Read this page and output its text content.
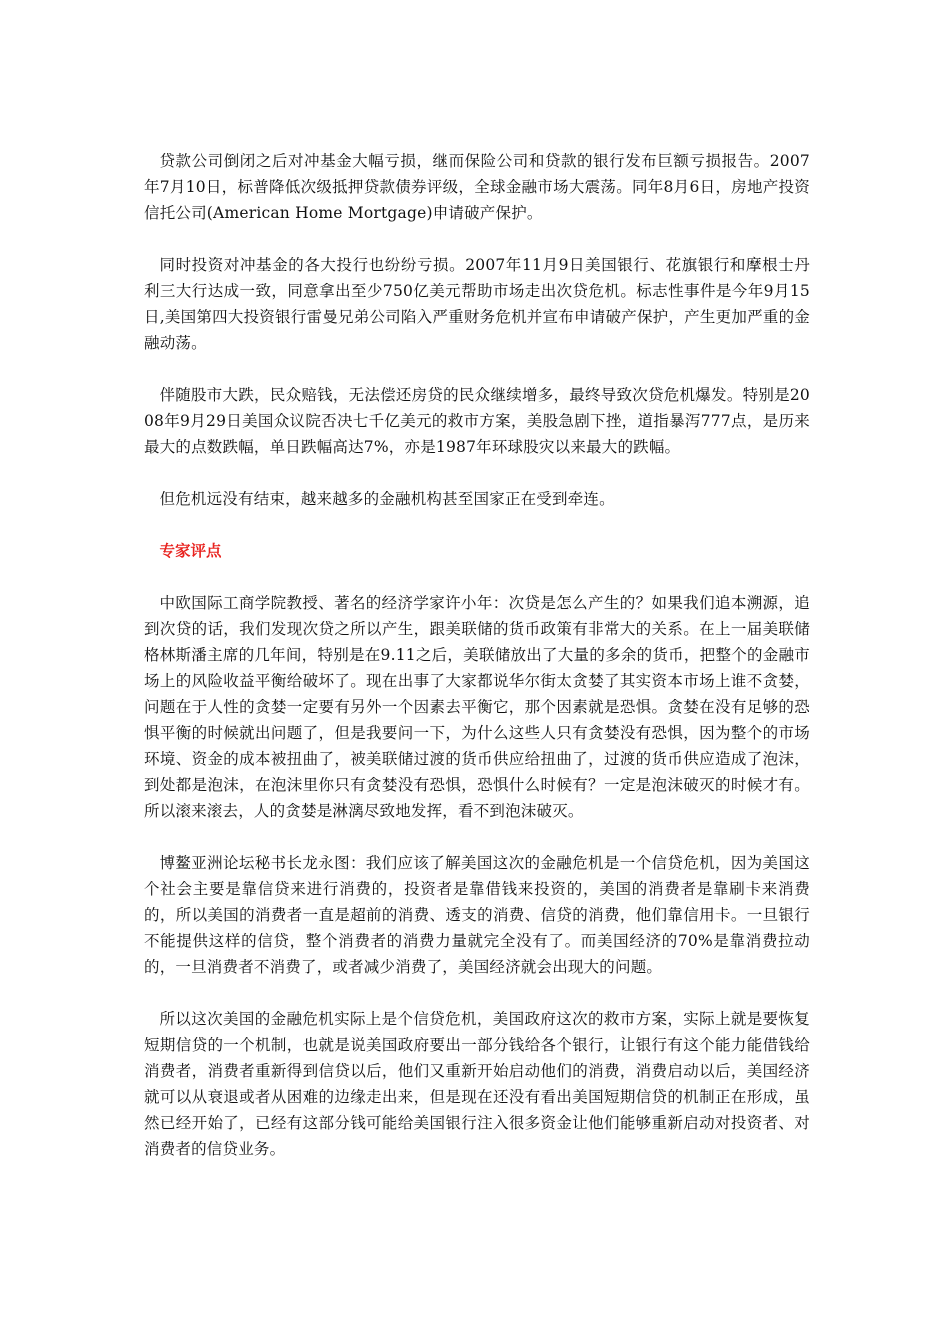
贷款公司倒闭之后对冲基金大幅亏损，继而保险公司和贷款的银行发布巨额亏损报告。2007年7月10日，标普降低次级抵押贷款债券评级，全球金融市场大震荡。同年8月6日，房地产投资信托公司(American Home Mortgage)申请破产保护。

同时投资对冲基金的各大投行也纷纷亏损。2007年11月9日美国银行、花旗银行和摩根士丹利三大行达成一致，同意拿出至少750亿美元帮助市场走出次贷危机。标志性事件是今年9月15日,美国第四大投资银行雷曼兄弟公司陷入严重财务危机并宣布申请破产保护，产生更加严重的金融动荡。

伴随股市大跌，民众赔钱，无法偿还房贷的民众继续增多，最终导致次贷危机爆发。特别是2008年9月29日美国众议院否决七千亿美元的救市方案，美股急剧下挫，道指暴泻777点，是历来最大的点数跌幅，单日跌幅高达7%，亦是1987年环球股灾以来最大的跌幅。

但危机远没有结束，越来越多的金融机构甚至国家正在受到牵连。

专家评点

中欧国际工商学院教授、著名的经济学家许小年：次贷是怎么产生的？如果我们追本溯源，追到次贷的话，我们发现次贷之所以产生，跟美联储的货币政策有非常大的关系。在上一届美联储格林斯潘主席的几年间，特别是在9.11之后，美联储放出了大量的多余的货币，把整个的金融市场上的风险收益平衡给破坏了。现在出事了大家都说华尔街太贪婪了其实资本市场上谁不贪婪，问题在于人性的贪婪一定要有另外一个因素去平衡它，那个因素就是恐惧。贪婪在没有足够的恐惧平衡的时候就出问题了，但是我要问一下，为什么这些人只有贪婪没有恐惧，因为整个的市场环境、资金的成本被扭曲了，被美联储过渡的货币供应给扭曲了，过渡的货币供应造成了泡沫，到处都是泡沫，在泡沫里你只有贪婪没有恐惧，恐惧什么时候有？一定是泡沫破灭的时候才有。所以滚来滚去，人的贪婪是淋漓尽致地发挥，看不到泡沫破灭。

博鳌亚洲论坛秘书长龙永图：我们应该了解美国这次的金融危机是一个信贷危机，因为美国这个社会主要是靠信贷来进行消费的，投资者是靠借钱来投资的，美国的消费者是靠刷卡来消费的，所以美国的消费者一直是超前的消费、透支的消费、信贷的消费，他们靠信用卡。一旦银行不能提供这样的信贷，整个消费者的消费力量就完全没有了。而美国经济的70%是靠消费拉动的，一旦消费者不消费了，或者减少消费了，美国经济就会出现大的问题。

所以这次美国的金融危机实际上是个信贷危机，美国政府这次的救市方案，实际上就是要恢复短期信贷的一个机制，也就是说美国政府要出一部分钱给各个银行，让银行有这个能力能借钱给消费者，消费者重新得到信贷以后，他们又重新开始启动他们的消费，消费启动以后，美国经济就可以从衰退或者从困难的边缘走出来，但是现在还没有看出美国短期信贷的机制正在形成，虽然已经开始了，已经有这部分钱可能给美国银行注入很多资金让他们能够重新启动对投资者、对消费者的信贷业务。
